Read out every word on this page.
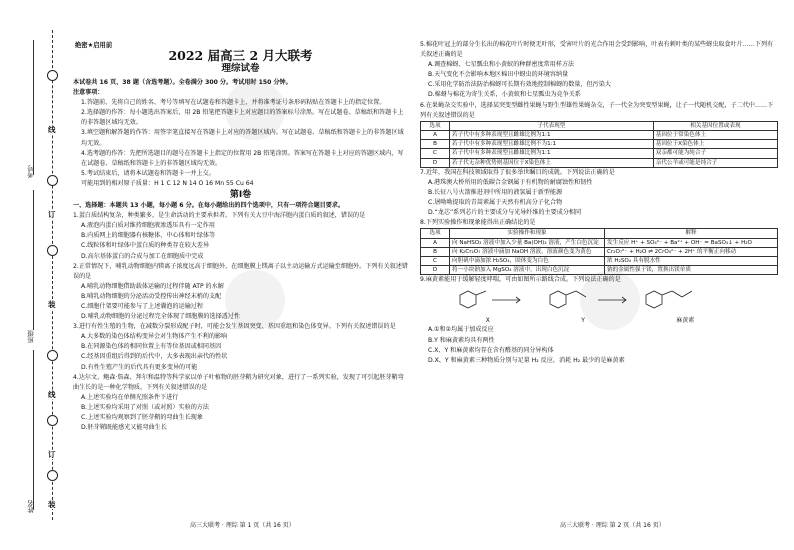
考号
班级
姓名
线
订
装
线
订
装
绝密★启用前
2022 届高三 2 月大联考
理综试卷
本试卷共 16 页，38 题（含选考题）。全卷满分 300 分。考试用时 150 分钟。
注意事项：
1.答题前，先将自己的姓名、考号等填写在试题卷和答题卡上，并将准考证号条形码粘贴在答题卡上的指定位置。
2.选择题的作答：每小题选出答案后，用 2B 铅笔把答题卡上对应题目的答案标号涂黑。写在试题卷、草稿纸和答题卡上的非答题区域均无效。
3.填空题和解答题的作答：用签字笔直接写在答题卡上对应的答题区域内。写在试题卷、草稿纸和答题卡上的非答题区域均无效。
4.选考题的作答：先把所选题目的题号在答题卡上指定的位置用 2B 铅笔涂黑。答案写在答题卡上对应的答题区域内，写在试题卷、草稿纸和答题卡上的非答题区域均无效。
5.考试结束后，请将本试题卷和答题卡一并上交。
可能用到的相对原子质量：H 1 C 12 N 14 O 16 Mn 55 Cu 64
第Ⅰ卷
一、选择题：本题共 13 小题，每小题 6 分。在每小题给出的四个选项中，只有一项符合题目要求。
1.蛋白质结构复杂，种类繁多，是生命活动的主要承担者。下列有关大豆中海洋胞内蛋白质的叙述，错误的是
A.液泡内蛋白质对维持细胞液渗透压具有一定作用
B.内质网上的细胞器有核糖体、中心体和叶绿体等
C.线粒体和叶绿体中蛋白质的种类存在较大差异
D.高尔基体蛋白的合成与加工在细胞质中完成
2.正常情况下，哺乳动物细胞内镁离子浓度远高于细胞外，在细胞膜上镁离子以主动运输方式运输至细胞外。下列有关叙述错误的是
A.哺乳动物细胞借助载体运输的过程伴随 ATP 的水解
B.哺乳动物细胞的分泌活动受控传出神经末梢的支配
C.细胞什架要可能参与了上述囊泡的运输过程
D.哺乳动物细胞的分泌过程完全体现了细胞膜的选择透过性
3.进行有性生殖的生物，在减数分裂形成配子时，可能会发生基因突变、基因重组和染色体变异。下列有关叙述错误的是
A.大多数的染色体结构变异会对生物体产生不利的影响
B.在同源染色体的相同位置上有等位基因或相同基因
C.经基因重组后得到的后代中，大多表现出亲代的性状
D.有性生殖产生的后代具有更多变异的可能
4.达尔文、鲍森·詹森、拜尔和温特等科学家以单子叶植物的胚芽鞘为研究对象，进行了一系列实验，发现了可引起胚芽鞘弯曲生长的是一种化学物质。下列有关叙述错误的是
A.上述实验均在单侧光照条件下进行
B.上述实验均采用了对照（或对照）实验的方法
C.上述实验均观察到了胚芽鞘的弯曲生长现象
D.胚芽鞘既能感光又能弯曲生长
高三大联考 · 理综 第 1 页（共 16 页）
5.棉花叶冠上的部分生长出的棉花叶片时便无叶形，受害叶片的光合作用会受到影响，叶表有刺叶类的某些蚜虫取食叶片……下列有关叙述正确的是
A.调查棉蚜、七星瓢虫和小黄蚁的种群密度常用样方法
B.天气变化不会影响本地区棉田中蚜虫的环境容纳量
C.采用化学防治法防治棉蚜可长期有效地控制棉蚜的数量，但污染大
D.棉蚜与棉花为寄生关系，小黄蚁和七星瓢虫为竞争关系
6.在果蝇杂交实验中，选择某突变型雌性果蝇与野生型雄性果蝇杂交，子一代全为突变型果蝇，让子一代随机交配，子二代中……下列有关叙述错误的是
选项	子代表现型	相关基因位置或表现
A	若子代中有多种表现型且雌雄比例为1:1	基因位于常染色体上
B	若子代中有多种表现型且雌雄比例不为1:1	基因位于X染色体上
C	若子代中有多种表现型且雌雄比例为1:1	双亲都可能为纯合子
D	若子代无杂种优势则基因位于X染色体上	亲代公羊或可能是纯合子
7.近年，我国在科技领域取得了很多举世瞩目的成就。下列说法正确的是
A.港珠澳大桥所用的低碳合金钢属于有机物的耐腐蚀性和韧性
B.长征八号火箭推进剂中所用的液氢属于新型能源
C.屠呦呦提取的青蒿素属于天然有机高分子化合物
D.“龙芯”系列芯片的主要成分与光导纤维的主要成分相同
8.下列实验操作和现象能得出正确结论的是
选项	实验操作和现象	解释
A	向 NaHSO₃ 溶液中加入少量 Ba(OH)₂ 溶液，产生白色沉淀	发生反应 H⁺ + SO₄²⁻ + Ba²⁺ + OH⁻ = BaSO₄↓ + H₂O
B	向 K₂Cr₂O₇ 溶液中滴加 NaOH 溶液，溶液颜色变为黄色	Cr₂O₇²⁻ + H₂O ⇌ 2CrO₄²⁻ + 2H⁺ 的平衡正向移动
C	向胆矾中滴加浓 H₂SO₄，固体变为白色	浓 H₂SO₄ 具有脱水性
D	将一小块钠加入 MgSO₄ 溶液中，出现白色沉淀	钠的金属性强于镁，置换出镁单质
9.麻黄素能用于缓解轻度哮喘，可由如图所示路线合成。下列说法正确的是
X	Y	麻黄素
A.①和②均属于加成反应
B.Y 和麻黄素均具有两性
C.X、Y 和麻黄素均存在含有醛基的同分异构体
D.X、Y 和麻黄素三种物质分别与足量 H₂ 反应，消耗 H₂ 最少的是麻黄素
高三大联考 · 理综 第 2 页（共 16 页）
